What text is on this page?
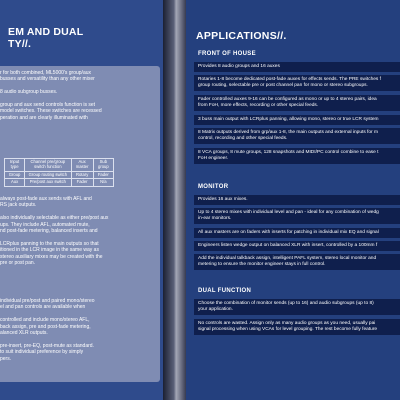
EM AND DUAL
TY//.

r for both combined, ML5000's group/aux

busses and versatility than any other mixer

8 audio subgroup busses.

group and aux send controls function is set

model switches. These switches are recessed

peration and are clearly illuminated with

Input type	Channel pre/group switch function	Aux master	Sub group
Group	Group routing switch	Rotary	Fader
Aux	Pre/post aux switch	Fader	N/a

always post-fade aux sends with AFL and

RS jack outputs.

also individually selectable as either pre/post aux

ups. They include AFL, automated mute,

nd post-fade metering, balanced inserts and

LCRplus panning to the main outputs so that

itioned in the LCR image in the same way as

stereo auxiliary mixes may be created with the

pre or post pan.

individual pre/post and paired mono/stereo

el and pan controls are available when

controlled and include mono/stereo AFL,

back assign, pre and post-fade metering,

alanced XLR outputs.

pre-insert, pre-EQ, post-mute as standard.

to suit individual preference by simply

pers.

APPLICATIONS//.
FRONT OF HOUSE
Provides 8 audio groups and 16 auxes
Rotaries 1-8 become dedicated post-fade auxes for effects sends. The PRE switches f
group routing, selectable pre or post channel pan for mono or stereo subgroups.
Fader controlled auxes 9-16 can be configured as mono or up to 4 stereo pairs, idea
from FoH, more effects, recording or other special feeds.
3 buss main output with LCRplus panning, allowing mono, stereo or true LCR system
8 Matrix outputs derived from grp/aux 1-8, the main outputs and external inputs for m
control, recording and other special feeds.
8 VCA groups, 8 mute groups, 128 snapshots and MIDI/PC control combine to ease t
FoH engineer.
MONITOR
Provides 16 aux mixes.
Up to 4 stereo mixes with individual level and pan - ideal for any combination of wedg
in-ear monitors.
All aux masters are on faders with inserts for patching in individual mix EQ and signal
Engineers listen wedge output on balanced XLR with insert, controlled by a 100mm f
Add the individual talkback assign, intelligent PAFL system, stereo local monitor and
metering to ensure the monitor engineer stays in full control.
DUAL FUNCTION
Choose the combination of monitor sends (up to 16) and audio subgroups (up to 8)
your application.
No controls are wasted. Assign only as many audio groups as you need, usually pai
signal processing when using VCAs for level grouping. The rest become fully feature
